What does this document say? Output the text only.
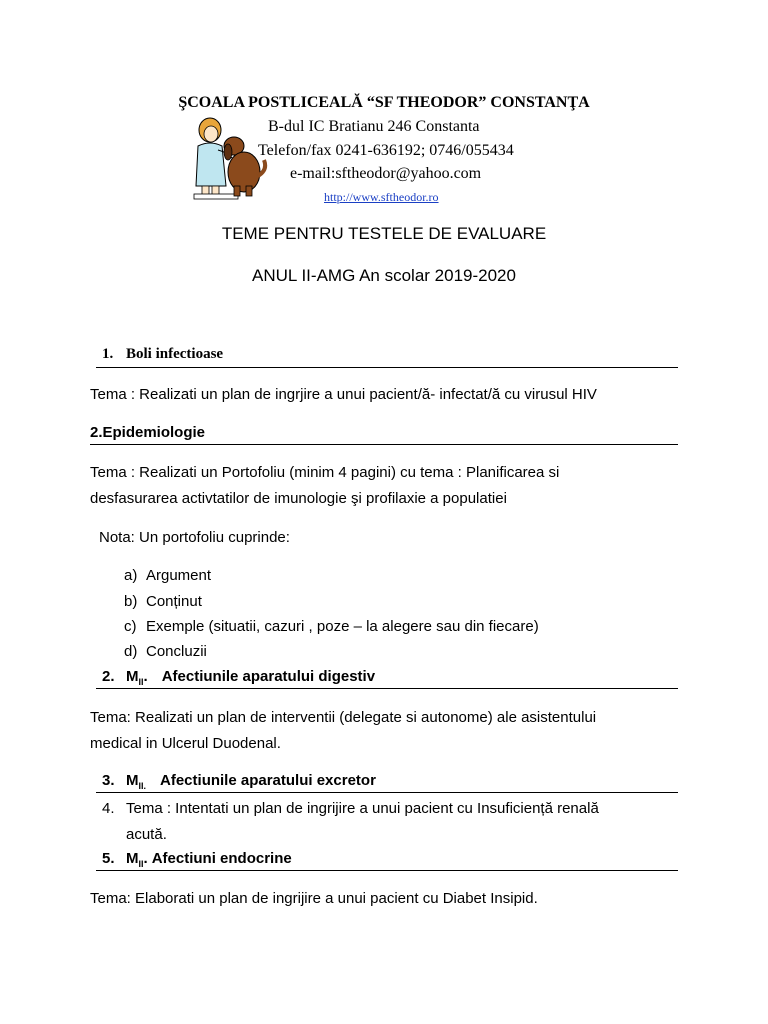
ŞCOALA POSTLICEALĂ “SF THEODOR” CONSTANŢA
B-dul IC Bratianu 246 Constanta
Telefon/fax 0241-636192; 0746/055434
e-mail:sftheodor@yahoo.com
http://www.sftheodor.ro
TEME PENTRU TESTELE DE EVALUARE
ANUL II-AMG An scolar 2019-2020
1. Boli infectioase
Tema : Realizati un plan de ingrjire a unui pacient/ă- infectat/ă cu virusul HIV
2.Epidemiologie
Tema : Realizati un Portofoliu (minim 4 pagini) cu tema : Planificarea si
desfasurarea activtatilor de imunologie şi profilaxie a populatiei
Nota: Un portofoliu cuprinde:
a) Argument
b) Conținut
c) Exemple (situatii, cazuri , poze – la alegere sau din fiecare)
d) Concluzii
2. $M_{II}$. Afectiunile aparatului digestiv
Tema: Realizati un plan de interventii (delegate si autonome) ale asistentului
medical in Ulcerul Duodenal.
3. $M_{II.}$ Afectiunile aparatului excretor
4. Tema : Intentati un plan de ingrijire a unui pacient cu Insuficiență renală
acută.
5. $M_{II}$. Afectiuni endocrine
Tema: Elaborati un plan de ingrijire a unui pacient cu Diabet Insipid.
